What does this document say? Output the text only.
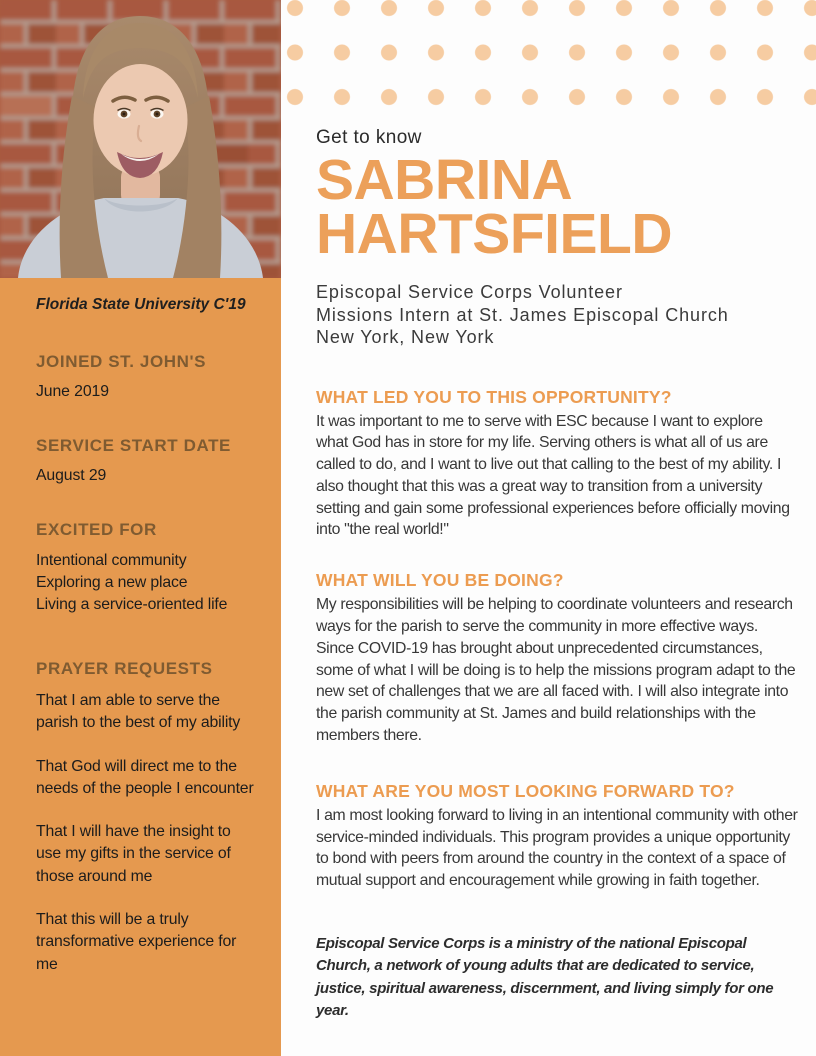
Florida State University C'19

JOINED ST. JOHN'S

June 2019

SERVICE START DATE

August 29

EXCITED FOR

Intentional community

Exploring a new place

Living a service-oriented life

PRAYER REQUESTS

That I am able to serve the parish to the best of my ability

That God will direct me to the needs of the people I encounter

That I will have the insight to use my gifts in the service of those around me

That this will be a truly transformative experience for me

Get to know

SABRINA
HARTSFIELD

Episcopal Service Corps Volunteer
Missions Intern at St. James Episcopal Church
New York, New York

WHAT LED YOU TO THIS OPPORTUNITY?

It was important to me to serve with ESC because I want to explore what God has in store for my life. Serving others is what all of us are called to do, and I want to live out that calling to the best of my ability. I also thought that this was a great way to transition from a university setting and gain some professional experiences before officially moving into "the real world!"

WHAT WILL YOU BE DOING?

My responsibilities will be helping to coordinate volunteers and research ways for the parish to serve the community in more effective ways. Since COVID-19 has brought about unprecedented circumstances, some of what I will be doing is to help the missions program adapt to the new set of challenges that we are all faced with. I will also integrate into the parish community at St. James and build relationships with the members there.

WHAT ARE YOU MOST LOOKING FORWARD TO?

I am most looking forward to living in an intentional community with other service-minded individuals. This program provides a unique opportunity to bond with peers from around the country in the context of a space of mutual support and encouragement while growing in faith together.

Episcopal Service Corps is a ministry of the national Episcopal Church, a network of young adults that are dedicated to service, justice, spiritual awareness, discernment, and living simply for one year.
